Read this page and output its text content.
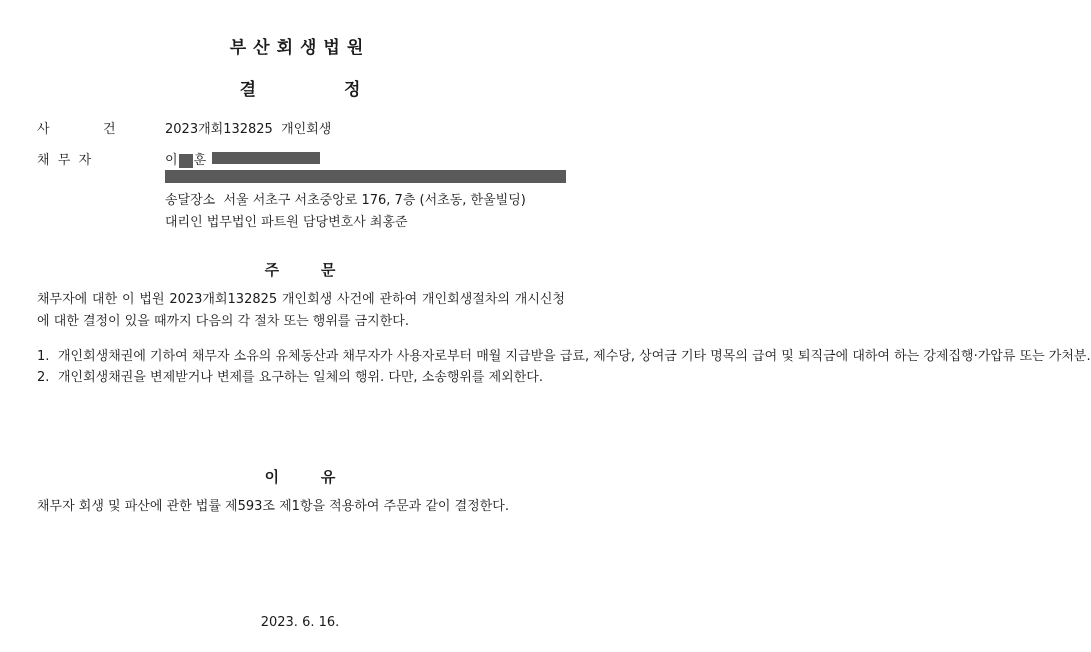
부산회생법원
결	정
사	건	2023개회132825  개인회생
채  무  자	이 훈
송달장소  서울 서초구 서초중앙로 176, 7층 (서초동, 한울빌딩)
대리인 법무법인 파트원 담당변호사 최홍준
주        문
채무자에 대한 이 법원 2023개회132825 개인회생 사건에 관하여 개인회생절차의 개시신청에 대한 결정이 있을 때까지 다음의 각 절차 또는 행위를 금지한다.
1. 개인회생채권에 기하여 채무자 소유의 유체동산과 채무자가 사용자로부터 매월 지급받을 급료, 제수당, 상여금 기타 명목의 급여 및 퇴직금에 대하여 하는 강제집행·가압류 또는 가처분.
2. 개인회생채권을 변제받거나 변제를 요구하는 일체의 행위. 다만, 소송행위를 제외한다.
이        유
채무자 회생 및 파산에 관한 법률 제593조 제1항을 적용하여 주문과 같이 결정한다.
2023. 6. 16.
